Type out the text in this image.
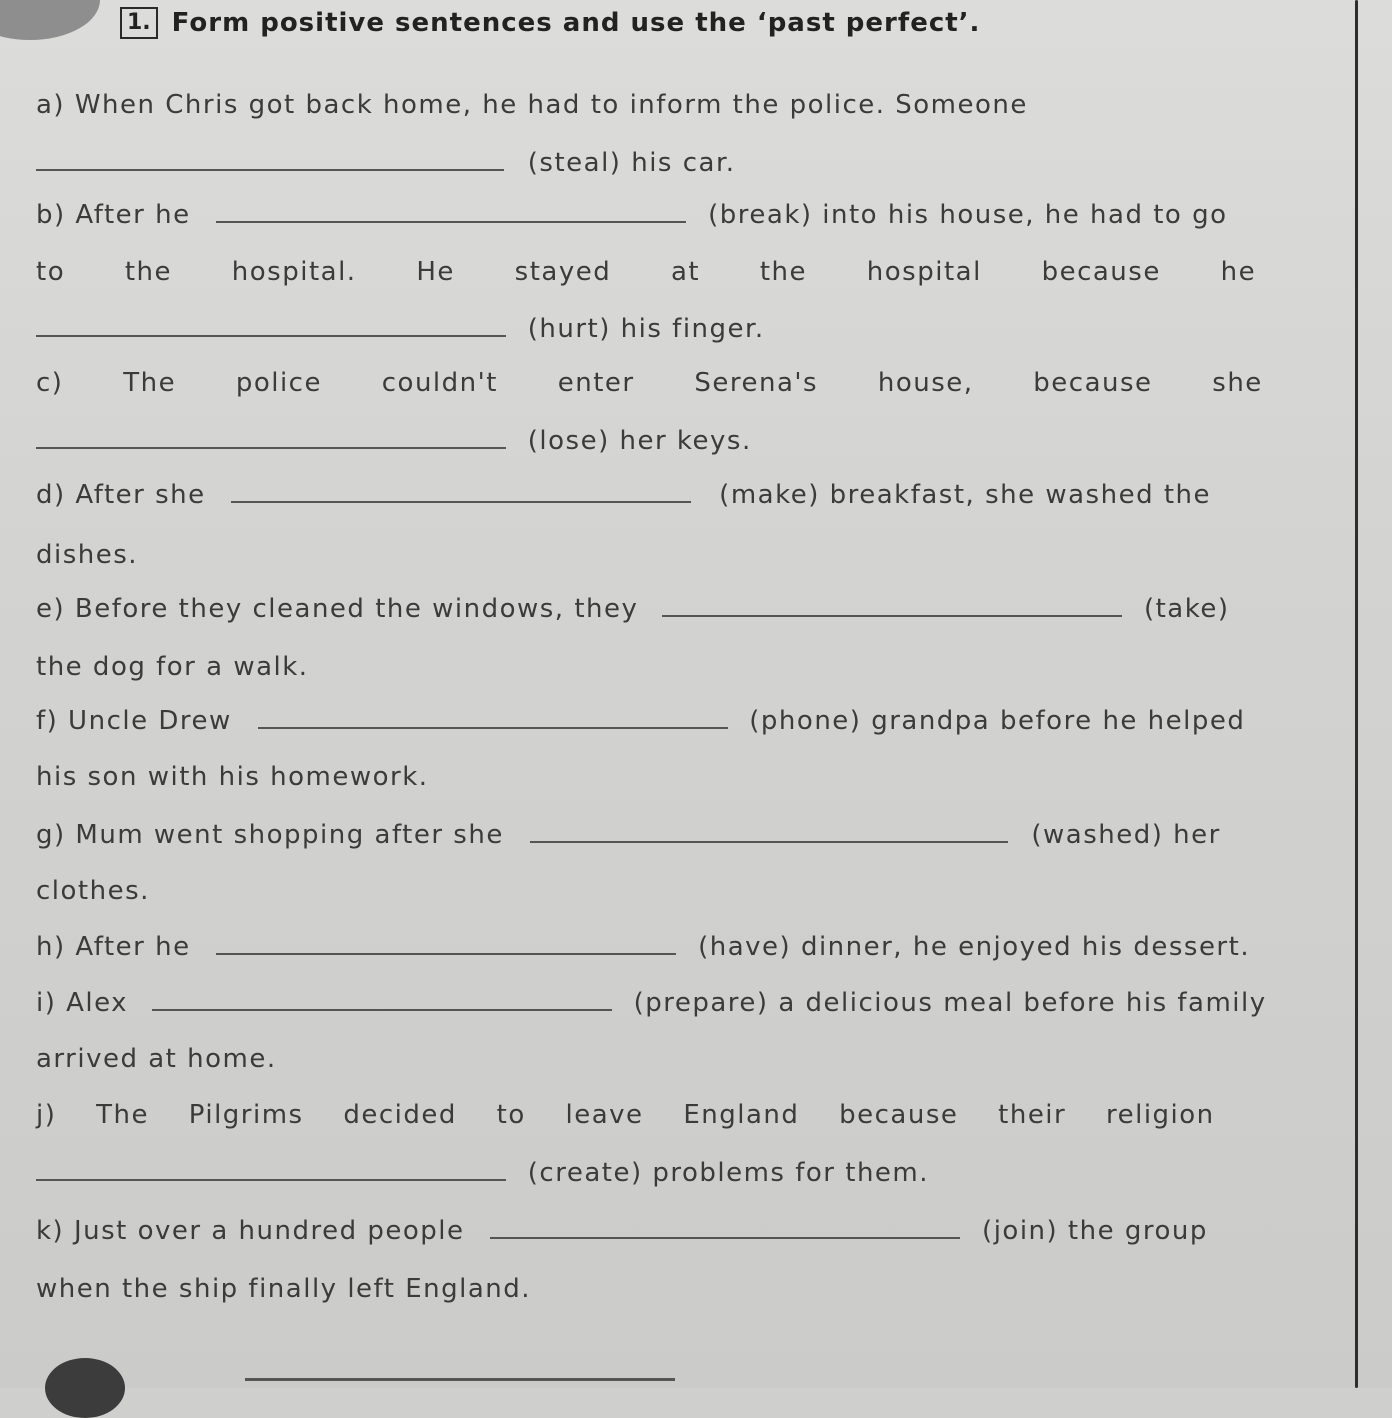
1. Form positive sentences and use the ‘past perfect’.
a) When Chris got back home, he had to inform the police. Someone
(steal) his car.
b) After he	(break) into his house, he had to go
to the hospital. He stayed at the hospital because he
(hurt) his finger.
c) The police couldn't enter Serena's house, because she
(lose) her keys.
d) After she	(make) breakfast, she washed the
dishes.
e) Before they cleaned the windows, they	(take)
the dog for a walk.
f) Uncle Drew	(phone) grandpa before he helped
his son with his homework.
g) Mum went shopping after she	(washed) her
clothes.
h) After he	(have) dinner, he enjoyed his dessert.
i) Alex	(prepare) a delicious meal before his family
arrived at home.
j) The Pilgrims decided to leave England because their religion
(create) problems for them.
k) Just over a hundred people	(join) the group
when the ship finally left England.
